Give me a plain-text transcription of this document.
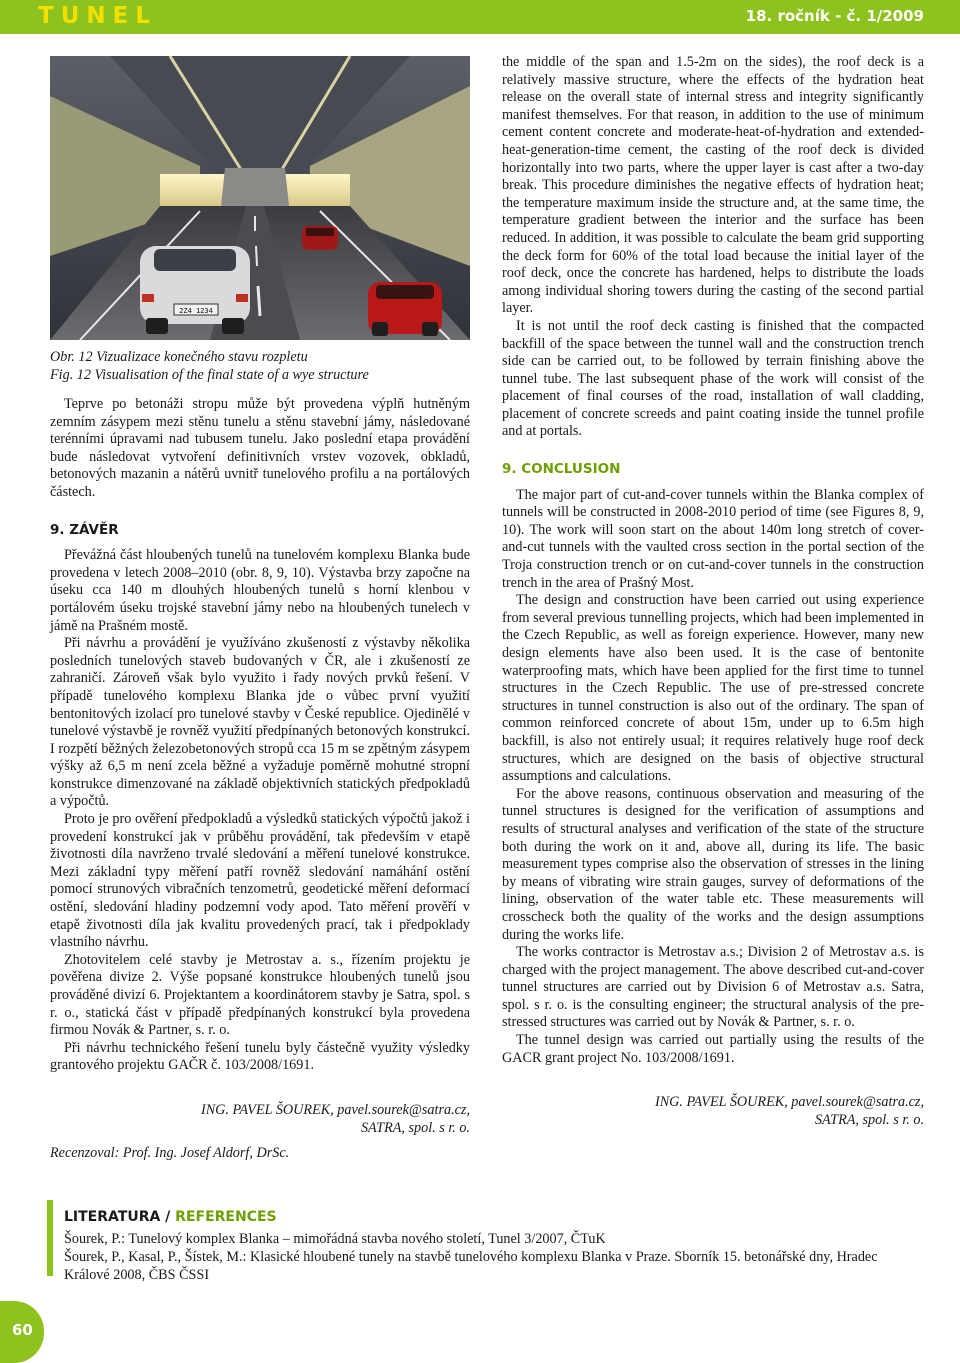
TUNEL	18. ročník - č. 1/2009
2Z4 1234
Obr. 12 Vizualizace konečného stavu rozpletu
Fig. 12 Visualisation of the final state of a wye structure

Teprve po betonáži stropu může být provedena výplň hutněným zemním zásypem mezi stěnu tunelu a stěnu stavební jámy, následované terénními úpravami nad tubusem tunelu. Jako poslední etapa provádění bude následovat vytvoření definitivních vrstev vozovek, obkladů, betonových mazanin a nátěrů uvnitř tunelového profilu a na portálových částech.

9. ZÁVĚR

Převážná část hloubených tunelů na tunelovém komplexu Blanka bude provedena v letech 2008–2010 (obr. 8, 9, 10). Výstavba brzy započne na úseku cca 140 m dlouhých hloubených tunelů s horní klenbou v portálovém úseku trojské stavební jámy nebo na hloubených tunelech v jámě na Prašném mostě.

Při návrhu a provádění je využíváno zkušeností z výstavby několika posledních tunelových staveb budovaných v ČR, ale i zkušeností ze zahraničí. Zároveň však bylo využito i řady nových prvků řešení. V případě tunelového komplexu Blanka jde o vůbec první využití bentonitových izolací pro tunelové stavby v České republice. Ojedinělé v tunelové výstavbě je rovněž využití předpínaných betonových konstrukcí. I rozpětí běžných železobetonových stropů cca 15 m se zpětným zásypem výšky až 6,5 m není zcela běžné a vyžaduje poměrně mohutné stropní konstrukce dimenzované na základě objektivních statických předpokladů a výpočtů.

Proto je pro ověření předpokladů a výsledků statických výpočtů jakož i provedení konstrukcí jak v průběhu provádění, tak především v etapě životnosti díla navrženo trvalé sledování a měření tunelové konstrukce. Mezi základní typy měření patří rovněž sledování namáhání ostění pomocí strunových vibračních tenzometrů, geodetické měření deformací ostění, sledování hladiny podzemní vody apod. Tato měření prověří v etapě životnosti díla jak kvalitu provedených prací, tak i předpoklady vlastního návrhu.

Zhotovitelem celé stavby je Metrostav a. s., řízením projektu je pověřena divize 2. Výše popsané konstrukce hloubených tunelů jsou prováděné divizí 6. Projektantem a koordinátorem stavby je Satra, spol. s r. o., statická část v případě předpínaných konstrukcí byla provedena firmou Novák & Partner, s. r. o.

Při návrhu technického řešení tunelu byly částečně využity výsledky grantového projektu GAČR č. 103/2008/1691.

ING. PAVEL ŠOUREK, pavel.sourek@satra.cz,
SATRA, spol. s r. o.
Recenzoval: Prof. Ing. Josef Aldorf, DrSc.

the middle of the span and 1.5-2m on the sides), the roof deck is a relatively massive structure, where the effects of the hydration heat release on the overall state of internal stress and integrity significantly manifest themselves. For that reason, in addition to the use of minimum cement content concrete and moderate-heat-of-hydration and extended-heat-generation-time cement, the casting of the roof deck is divided horizontally into two parts, where the upper layer is cast after a two-day break. This procedure diminishes the negative effects of hydration heat; the temperature maximum inside the structure and, at the same time, the temperature gradient between the interior and the surface has been reduced. In addition, it was possible to calculate the beam grid supporting the deck form for 60% of the total load because the initial layer of the roof deck, once the concrete has hardened, helps to distribute the loads among individual shoring towers during the casting of the second partial layer.

It is not until the roof deck casting is finished that the compacted backfill of the space between the tunnel wall and the construction trench side can be carried out, to be followed by terrain finishing above the tunnel tube. The last subsequent phase of the work will consist of the placement of final courses of the road, installation of wall cladding, placement of concrete screeds and paint coating inside the tunnel profile and at portals.

9. CONCLUSION

The major part of cut-and-cover tunnels within the Blanka complex of tunnels will be constructed in 2008-2010 period of time (see Figures 8, 9, 10). The work will soon start on the about 140m long stretch of cover-and-cut tunnels with the vaulted cross section in the portal section of the Troja construction trench or on cut-and-cover tunnels in the construction trench in the area of Prašný Most.

The design and construction have been carried out using experience from several previous tunnelling projects, which had been implemented in the Czech Republic, as well as foreign experience. However, many new design elements have also been used. It is the case of bentonite waterproofing mats, which have been applied for the first time to tunnel structures in the Czech Republic. The use of pre-stressed concrete structures in tunnel construction is also out of the ordinary. The span of common reinforced concrete of about 15m, under up to 6.5m high backfill, is also not entirely usual; it requires relatively huge roof deck structures, which are designed on the basis of objective structural assumptions and calculations.

For the above reasons, continuous observation and measuring of the tunnel structures is designed for the verification of assumptions and results of structural analyses and verification of the state of the structure both during the work on it and, above all, during its life. The basic measurement types comprise also the observation of stresses in the lining by means of vibrating wire strain gauges, survey of deformations of the lining, observation of the water table etc. These measurements will crosscheck both the quality of the works and the design assumptions during the works life.

The works contractor is Metrostav a.s.; Division 2 of Metrostav a.s. is charged with the project management. The above described cut-and-cover tunnel structures are carried out by Division 6 of Metrostav a.s. Satra, spol. s r. o. is the consulting engineer; the structural analysis of the pre-stressed structures was carried out by Novák & Partner, s. r. o.

The tunnel design was carried out partially using the results of the GACR grant project No. 103/2008/1691.

ING. PAVEL ŠOUREK, pavel.sourek@satra.cz,
SATRA, spol. s r. o.
LITERATURA / REFERENCES
Šourek, P.: Tunelový komplex Blanka – mimořádná stavba nového století, Tunel 3/2007, ČTuK
Šourek, P., Kasal, P., Šístek, M.: Klasické hloubené tunely na stavbě tunelového komplexu Blanka v Praze. Sborník 15. betonářské dny, Hradec Králové 2008, ČBS ČSSI
60
